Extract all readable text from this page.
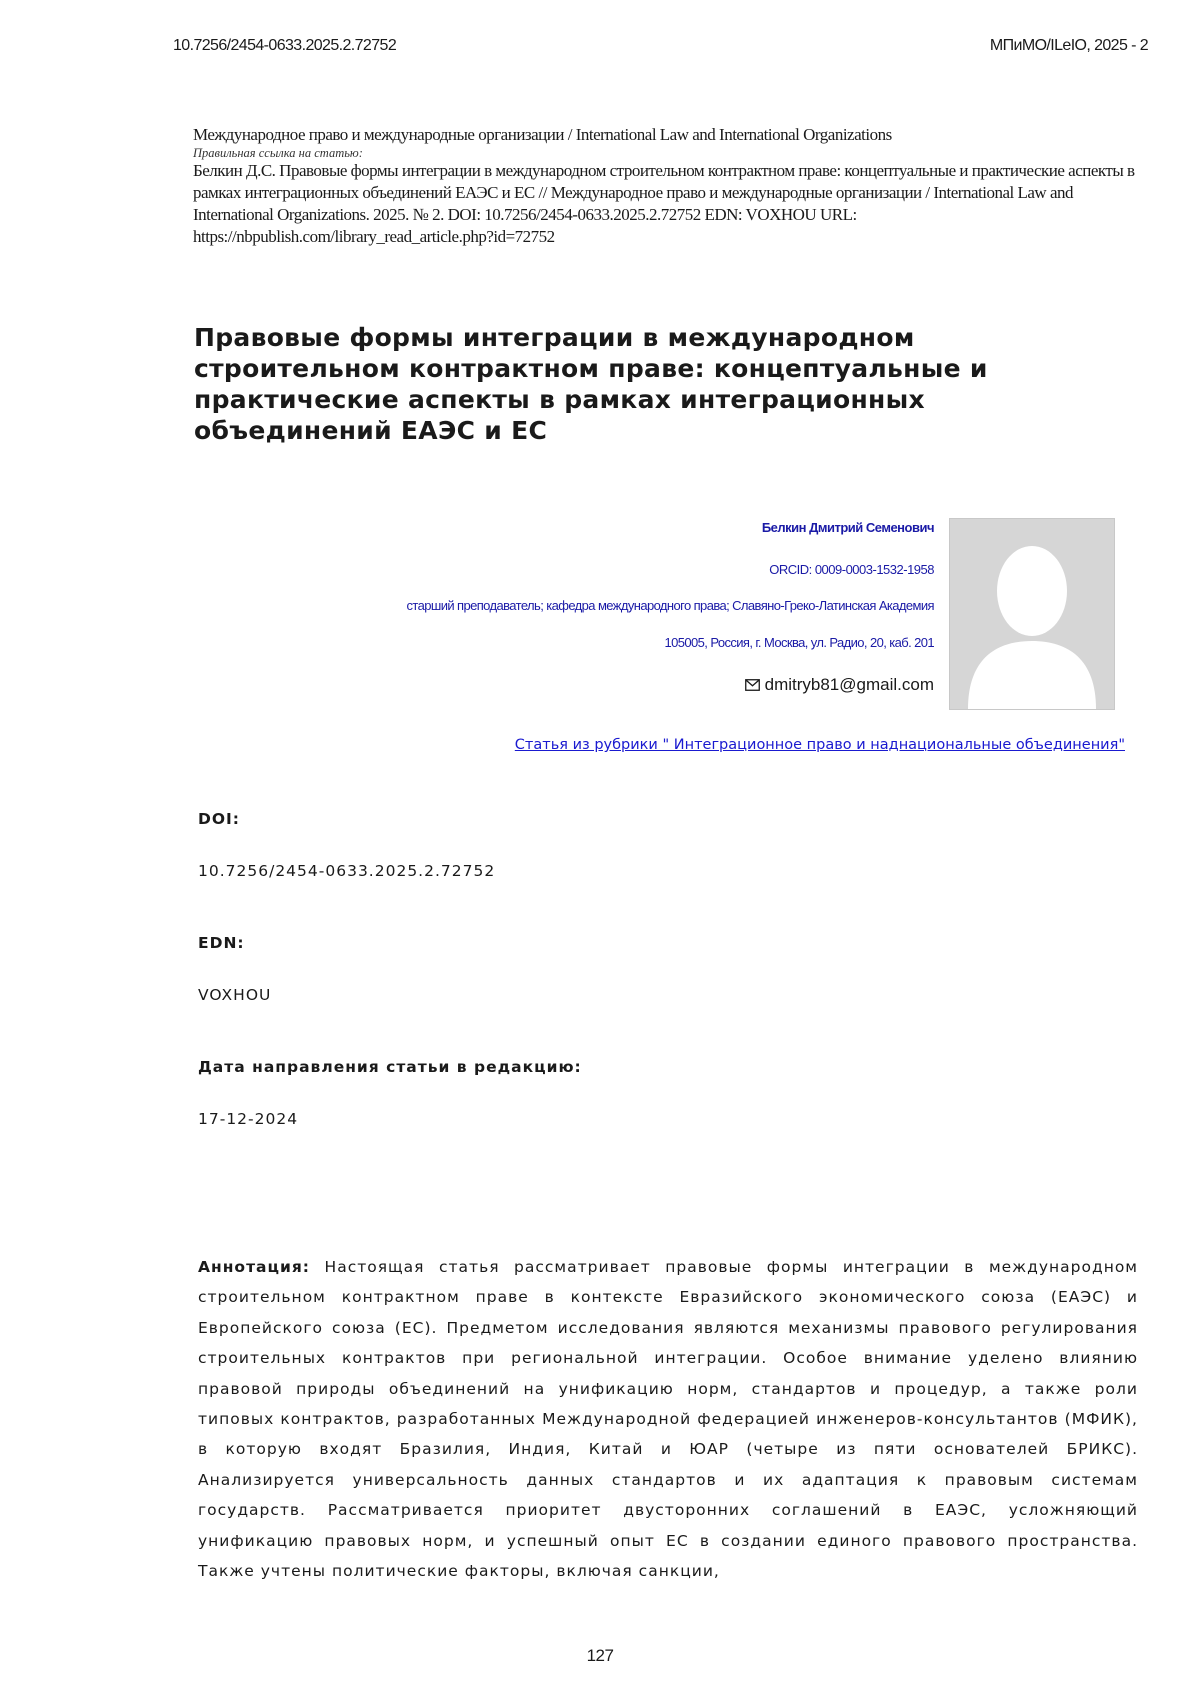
10.7256/2454-0633.2025.2.72752	МПиМО/ILeIO, 2025 - 2
Международное право и международные организации / International Law and International Organizations
Правильная ссылка на статью:
Белкин Д.С. Правовые формы интеграции в международном строительном контрактном праве: концептуальные и практические аспекты в рамках интеграционных объединений ЕАЭС и ЕС // Международное право и международные организации / International Law and International Organizations. 2025. № 2. DOI: 10.7256/2454-0633.2025.2.72752 EDN: VOXHOU URL: https://nbpublish.com/library_read_article.php?id=72752
Правовые формы интеграции в международном строительном контрактном праве: концептуальные и практические аспекты в рамках интеграционных объединений ЕАЭС и ЕС
Белкин Дмитрий Семенович
ORCID: 0009-0003-1532-1958
старший преподаватель; кафедра международного права; Славяно-Греко-Латинская Академия
105005, Россия, г. Москва, ул. Радио, 20, каб. 201
dmitryb81@gmail.com
Статья из рубрики " Интеграционное право и наднациональные объединения"
DOI:
10.7256/2454-0633.2025.2.72752
EDN:
VOXHOU
Дата направления статьи в редакцию:
17-12-2024

Аннотация: Настоящая статья рассматривает правовые формы интеграции в международном строительном контрактном праве в контексте Евразийского экономического союза (ЕАЭС) и Европейского союза (ЕС). Предметом исследования являются механизмы правового регулирования строительных контрактов при региональной интеграции. Особое внимание уделено влиянию правовой природы объединений на унификацию норм, стандартов и процедур, а также роли типовых контрактов, разработанных Международной федерацией инженеров-консультантов (МФИК), в которую входят Бразилия, Индия, Китай и ЮАР (четыре из пяти основателей БРИКС). Анализируется универсальность данных стандартов и их адаптация к правовым системам государств. Рассматривается приоритет двусторонних соглашений в ЕАЭС, усложняющий унификацию правовых норм, и успешный опыт ЕС в создании единого правового пространства. Также учтены политические факторы, включая санкции,

127
